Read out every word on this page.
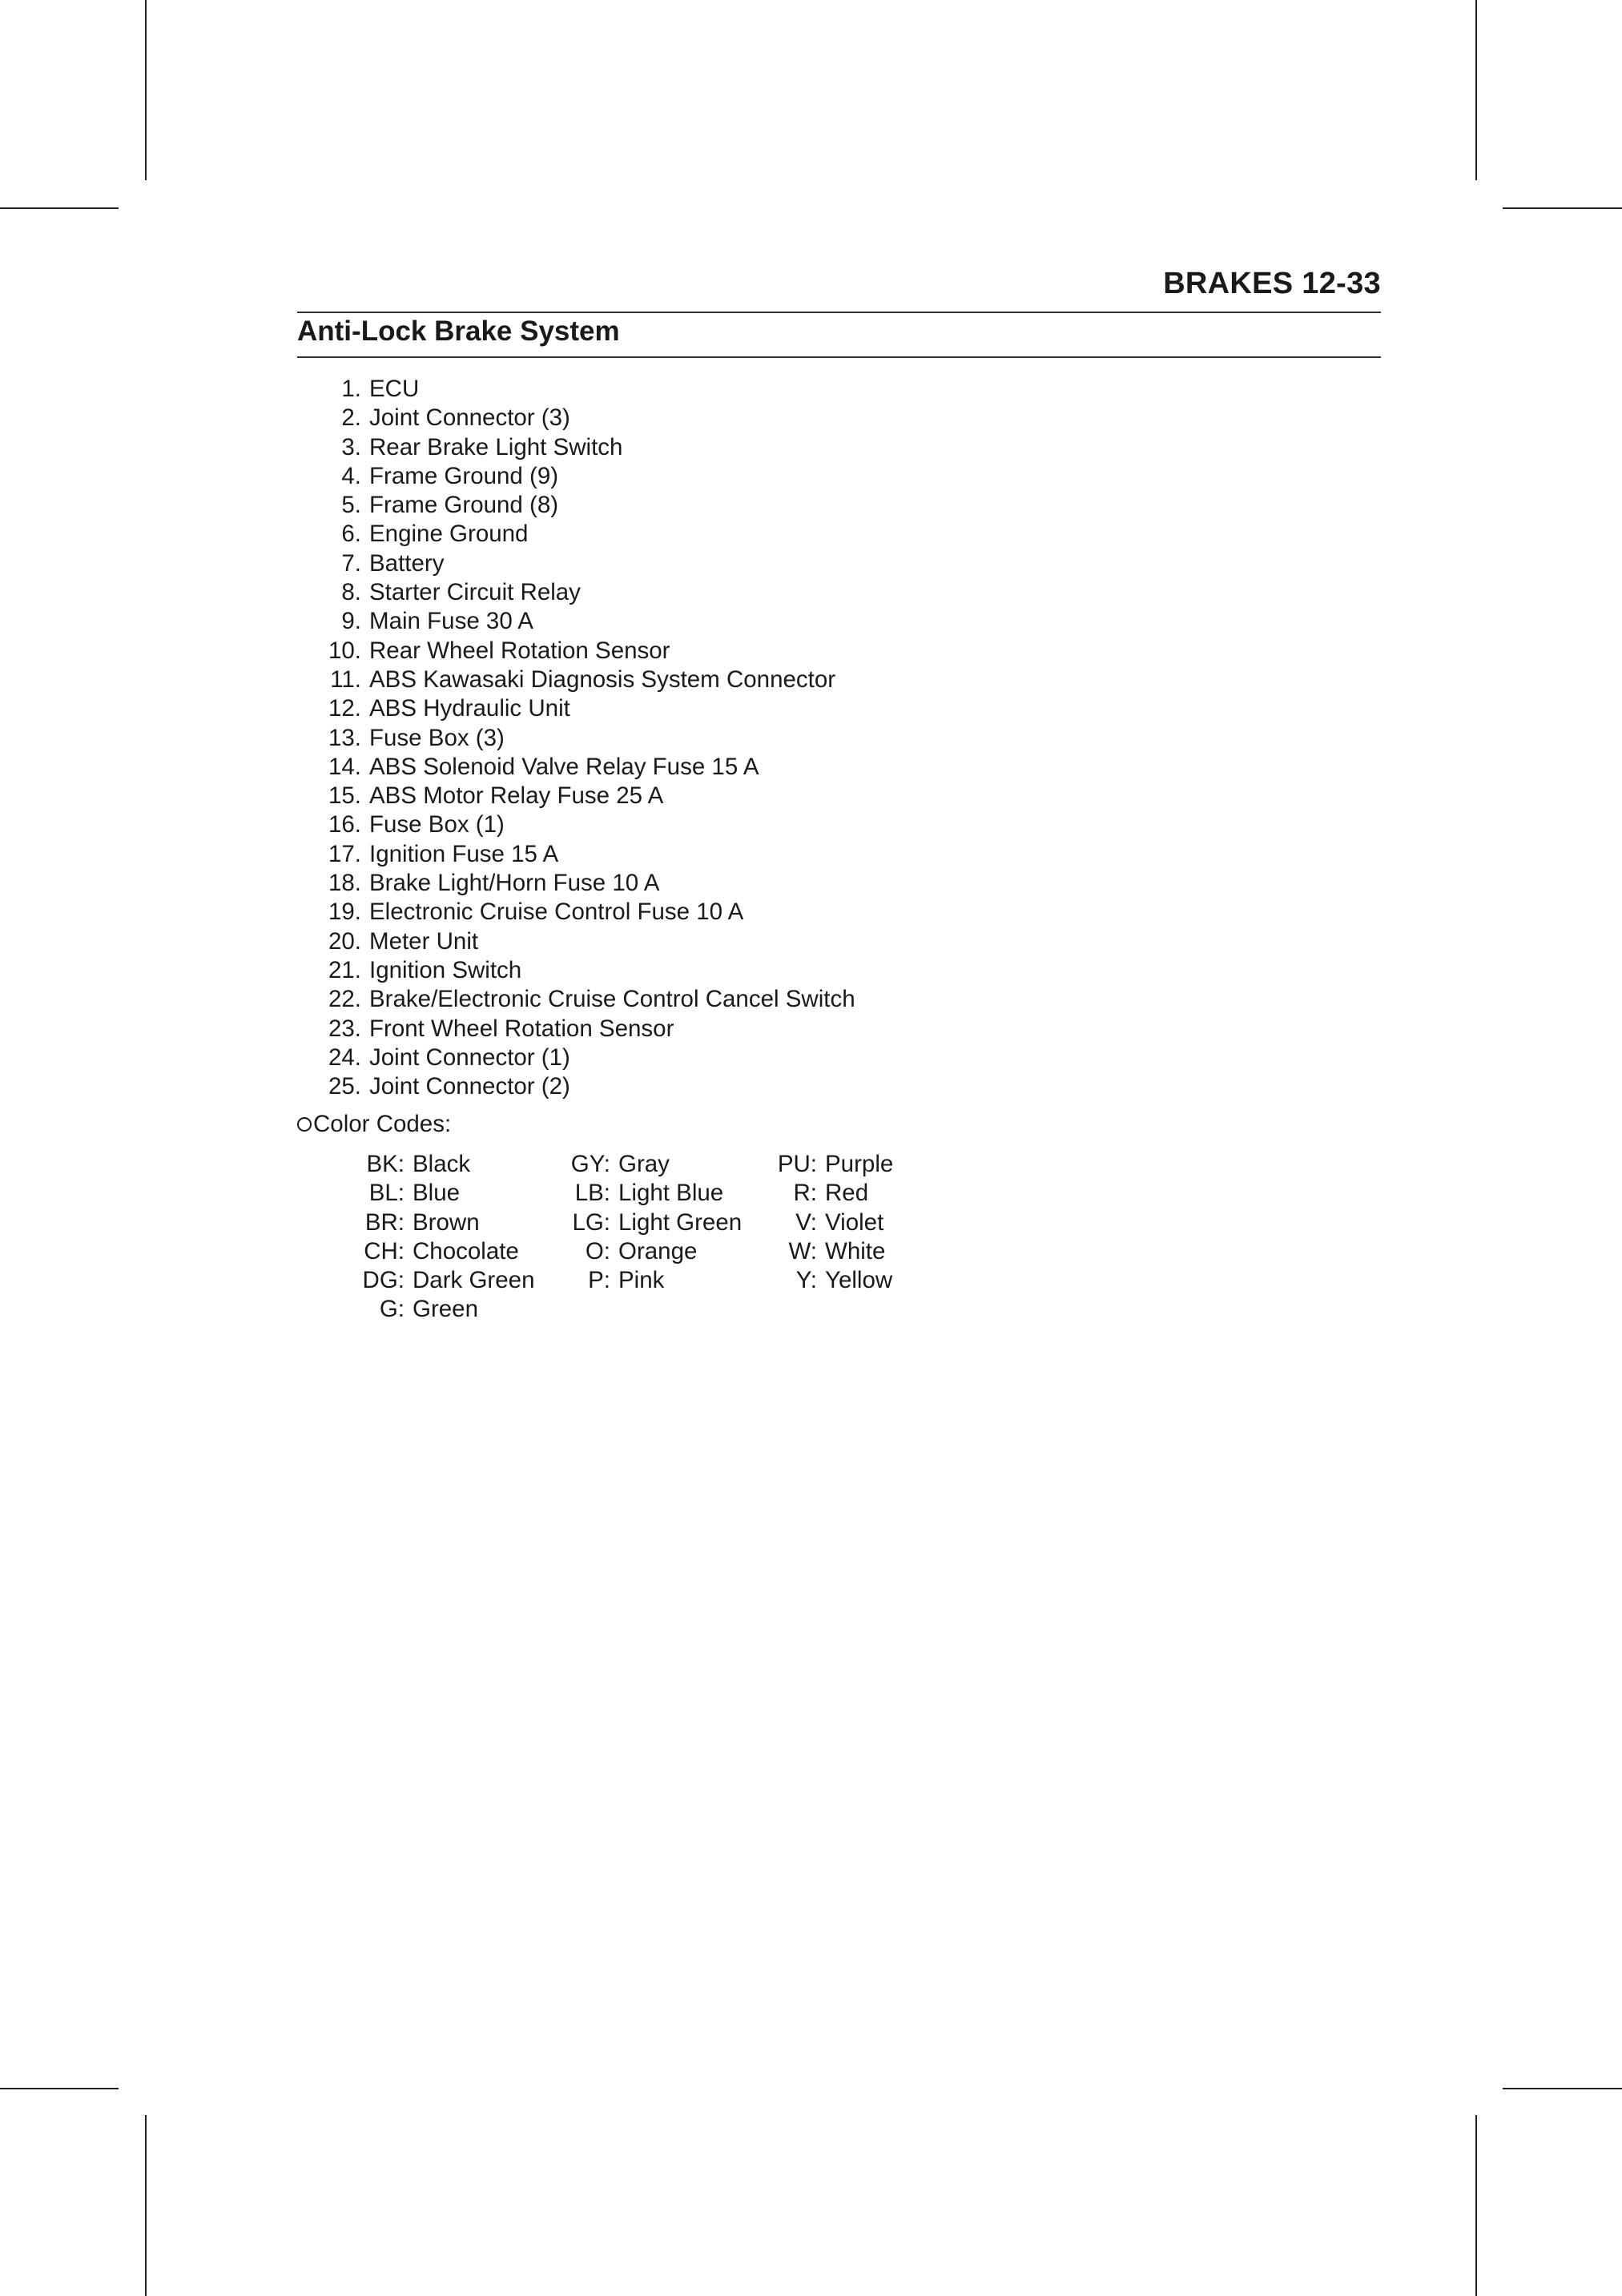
BRAKES 12-33
Anti-Lock Brake System
1. ECU
2. Joint Connector (3)
3. Rear Brake Light Switch
4. Frame Ground (9)
5. Frame Ground (8)
6. Engine Ground
7. Battery
8. Starter Circuit Relay
9. Main Fuse 30 A
10. Rear Wheel Rotation Sensor
11. ABS Kawasaki Diagnosis System Connector
12. ABS Hydraulic Unit
13. Fuse Box (3)
14. ABS Solenoid Valve Relay Fuse 15 A
15. ABS Motor Relay Fuse 25 A
16. Fuse Box (1)
17. Ignition Fuse 15 A
18. Brake Light/Horn Fuse 10 A
19. Electronic Cruise Control Fuse 10 A
20. Meter Unit
21. Ignition Switch
22. Brake/Electronic Cruise Control Cancel Switch
23. Front Wheel Rotation Sensor
24. Joint Connector (1)
25. Joint Connector (2)
Color Codes:
BK: Black
BL: Blue
BR: Brown
CH: Chocolate
DG: Dark Green
G: Green
GY: Gray
LB: Light Blue
LG: Light Green
O: Orange
P: Pink
PU: Purple
R: Red
V: Violet
W: White
Y: Yellow
